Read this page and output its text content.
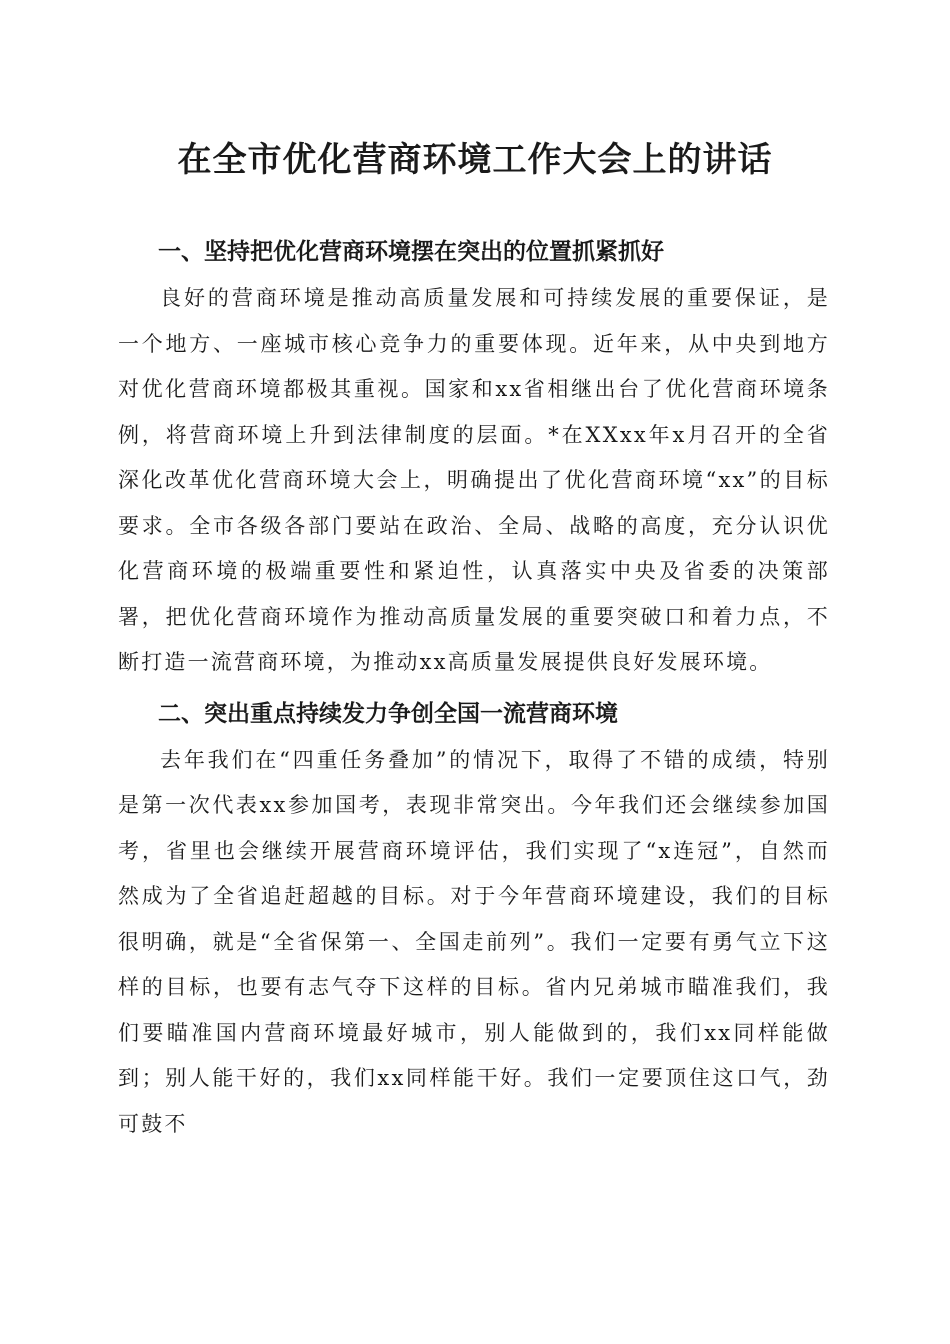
在全市优化营商环境工作大会上的讲话
一、坚持把优化营商环境摆在突出的位置抓紧抓好

良好的营商环境是推动高质量发展和可持续发展的重要保证，是一个地方、一座城市核心竞争力的重要体现。近年来，从中央到地方对优化营商环境都极其重视。国家和xx省相继出台了优化营商环境条例，将营商环境上升到法律制度的层面。*在XXxx年x月召开的全省深化改革优化营商环境大会上，明确提出了优化营商环境“xx”的目标要求。全市各级各部门要站在政治、全局、战略的高度，充分认识优化营商环境的极端重要性和紧迫性，认真落实中央及省委的决策部署，把优化营商环境作为推动高质量发展的重要突破口和着力点，不断打造一流营商环境，为推动xx高质量发展提供良好发展环境。

二、突出重点持续发力争创全国一流营商环境

去年我们在“四重任务叠加”的情况下，取得了不错的成绩，特别是第一次代表xx参加国考，表现非常突出。今年我们还会继续参加国考，省里也会继续开展营商环境评估，我们实现了“x连冠”，自然而然成为了全省追赶超越的目标。对于今年营商环境建设，我们的目标很明确，就是“全省保第一、全国走前列”。我们一定要有勇气立下这样的目标，也要有志气夺下这样的目标。省内兄弟城市瞄准我们，我们要瞄准国内营商环境最好城市，别人能做到的，我们xx同样能做到；别人能干好的，我们xx同样能干好。我们一定要顶住这口气，劲可鼓不
